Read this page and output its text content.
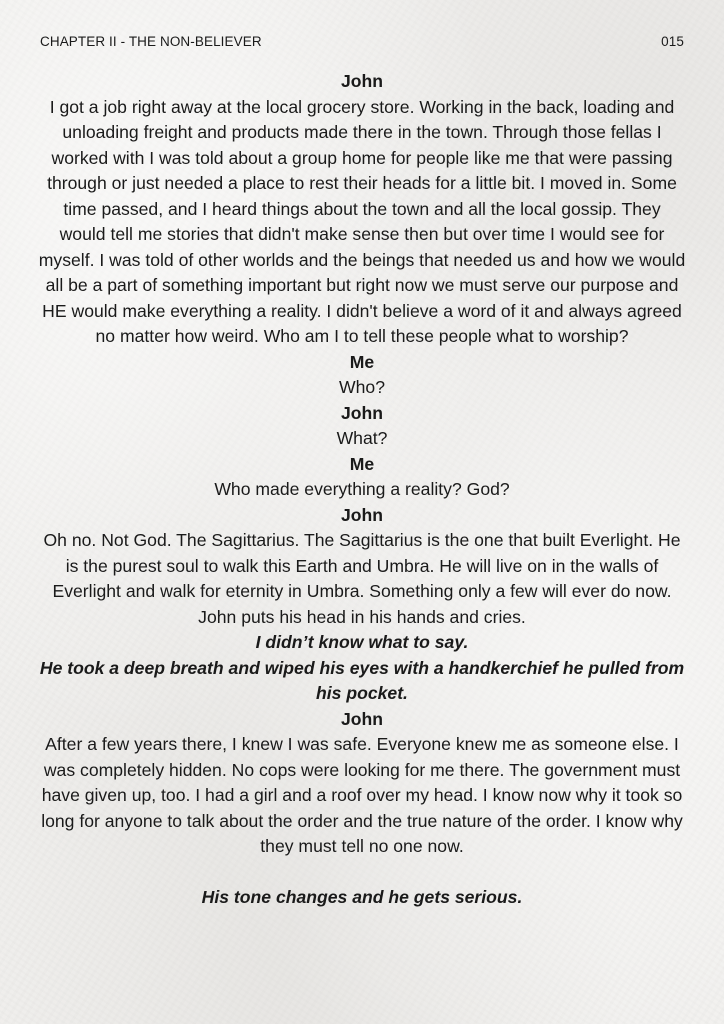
CHAPTER II - THE NON-BELIEVER	015

John

I got a job right away at the local grocery store. Working in the back, loading and unloading freight and products made there in the town. Through those fellas I worked with I was told about a group home for people like me that were passing through or just needed a place to rest their heads for a little bit. I moved in. Some time passed, and I heard things about the town and all the local gossip. They would tell me stories that didn't make sense then but over time I would see for myself. I was told of other worlds and the beings that needed us and how we would all be a part of something important but right now we must serve our purpose and HE would make everything a reality. I didn't believe a word of it and always agreed no matter how weird. Who am I to tell these people what to worship?

Me

Who?

John

What?

Me

Who made everything a reality? God?

John

Oh no. Not God. The Sagittarius. The Sagittarius is the one that built Everlight. He is the purest soul to walk this Earth and Umbra. He will live on in the walls of Everlight and walk for eternity in Umbra. Something only a few will ever do now.

John puts his head in his hands and cries.

I didn’t know what to say.

He took a deep breath and wiped his eyes with a handkerchief he pulled from his pocket.

John

After a few years there, I knew I was safe. Everyone knew me as someone else. I was completely hidden. No cops were looking for me there. The government must have given up, too. I had a girl and a roof over my head. I know now why it took so long for anyone to talk about the order and the true nature of the order. I know why they must tell no one now.

His tone changes and he gets serious.
